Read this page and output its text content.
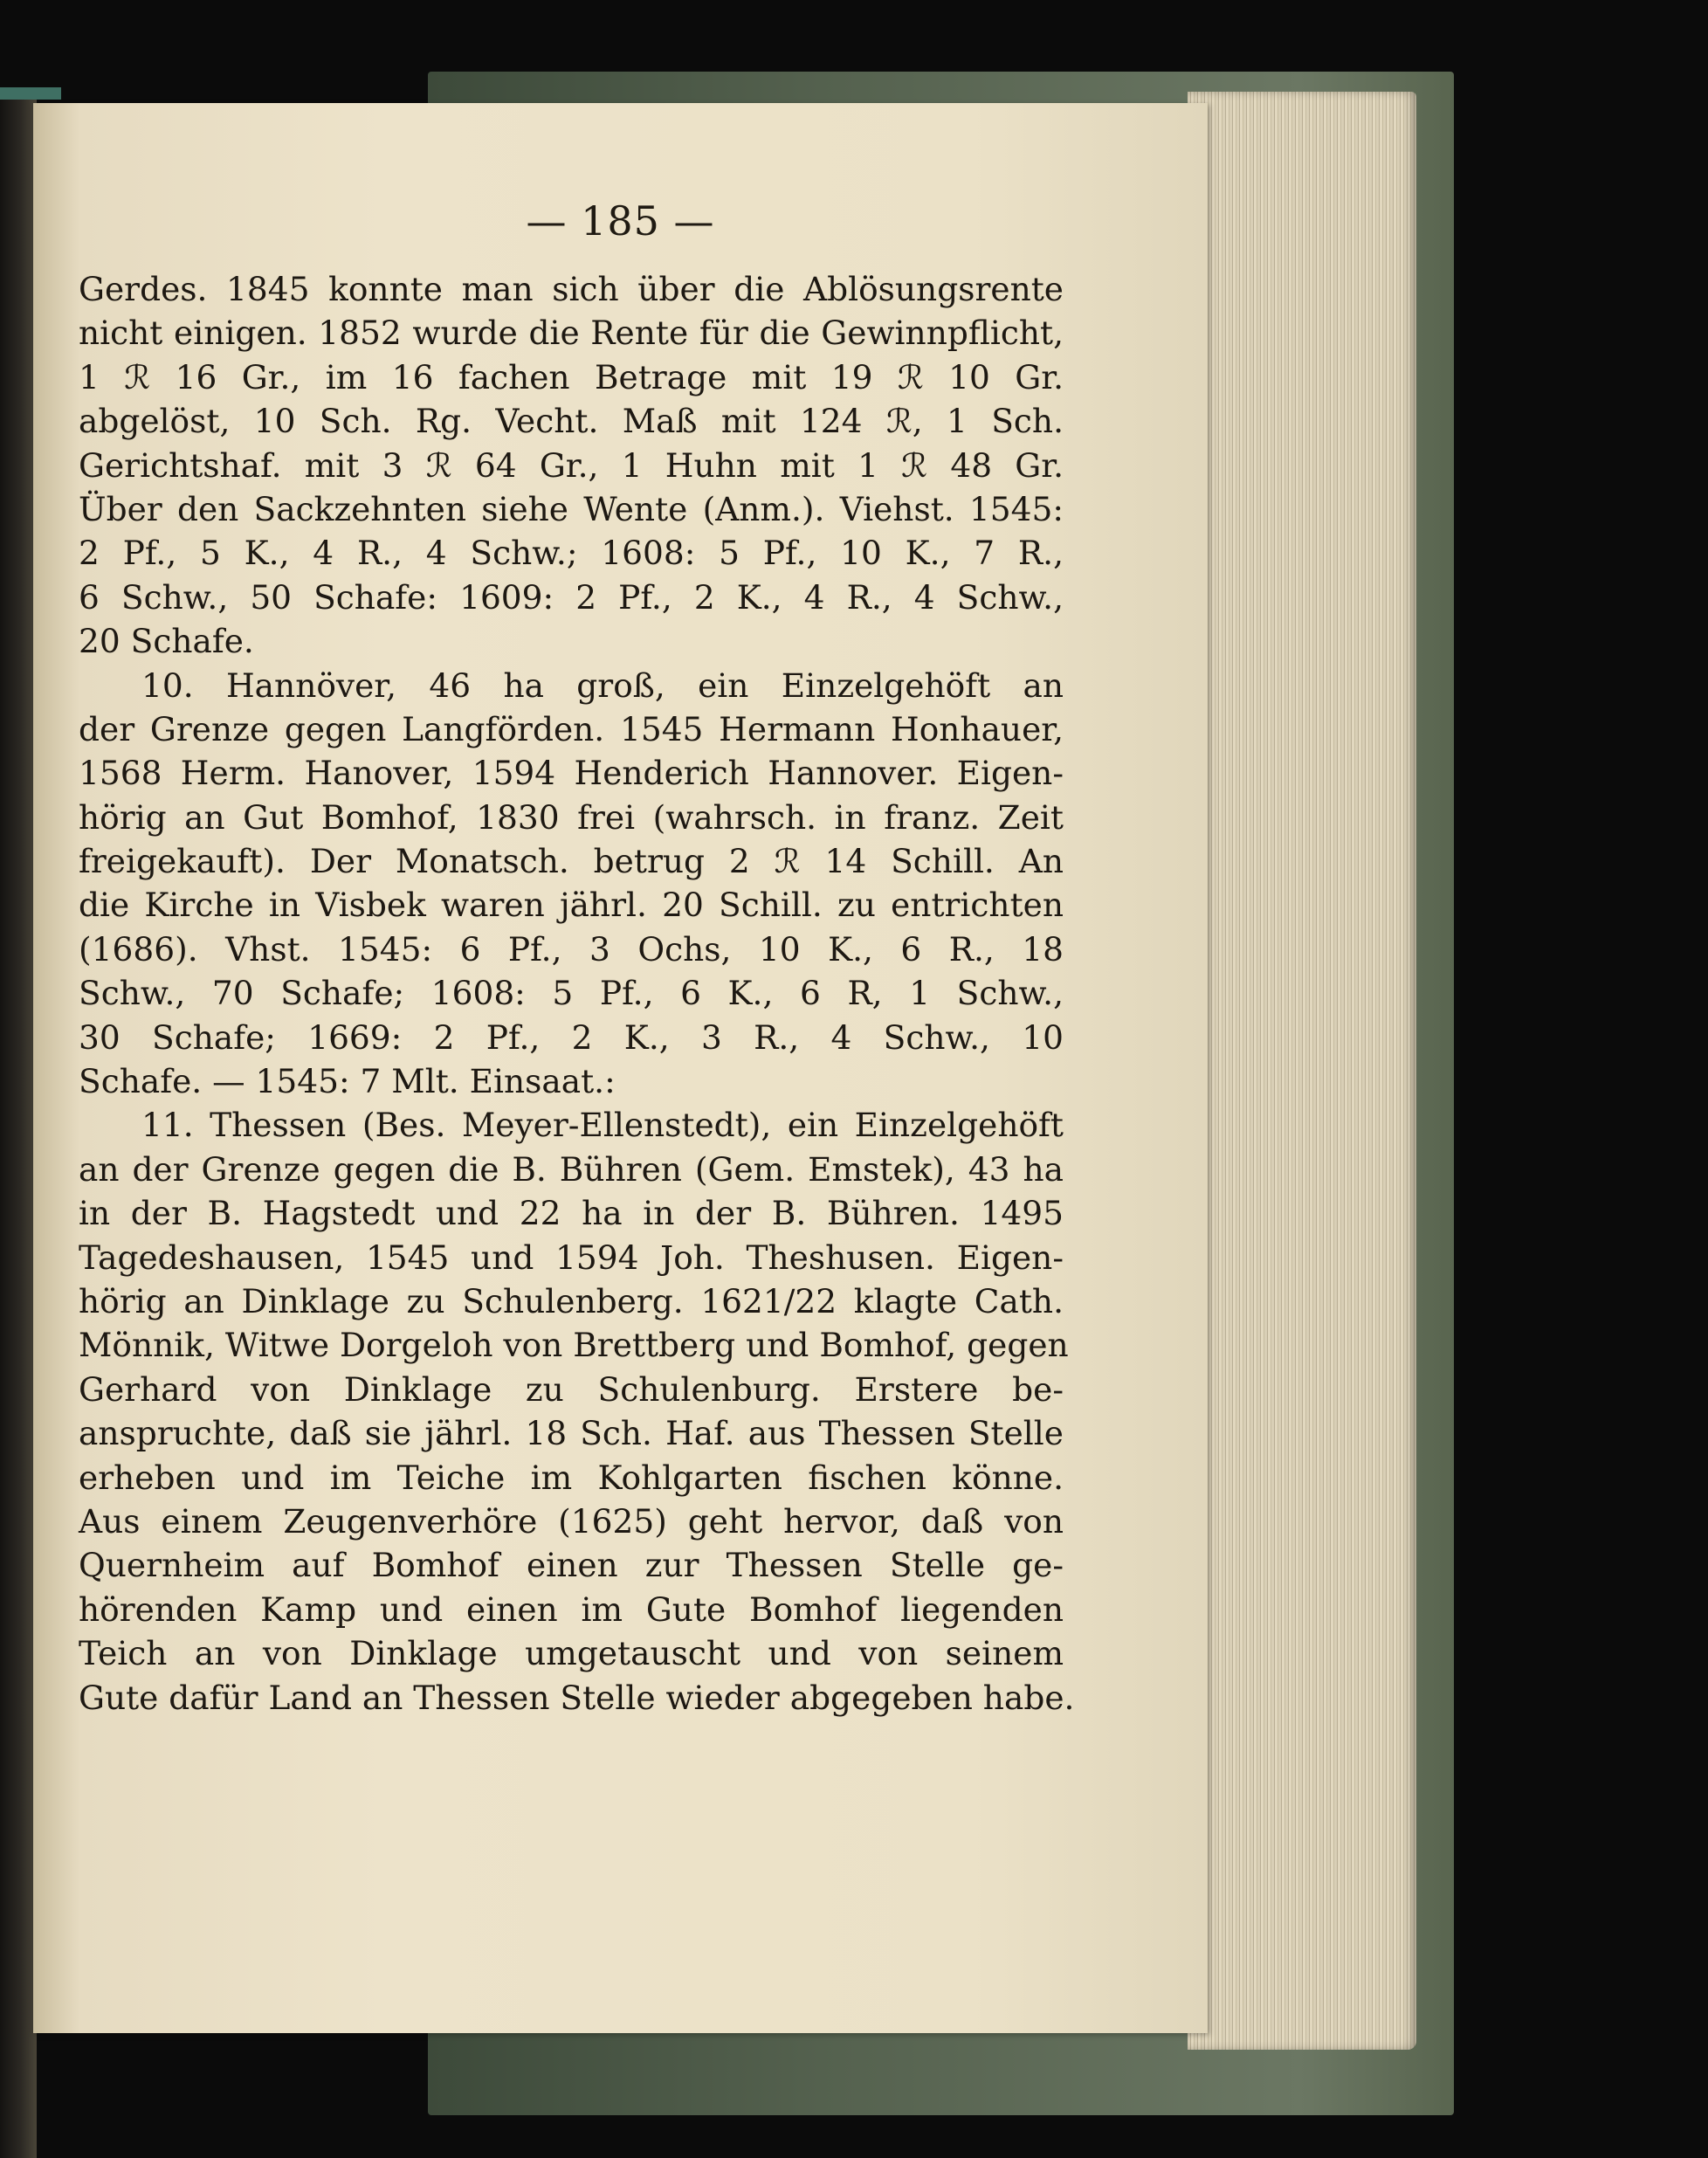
— 185 —
Gerdes. 1845 konnte man sich über die Ablösungsrente
nicht einigen. 1852 wurde die Rente für die Gewinnpflicht,
1 ℛ 16 Gr., im 16 fachen Betrage mit 19 ℛ 10 Gr.
abgelöst, 10 Sch. Rg. Vecht. Maß mit 124 ℛ, 1 Sch.
Gerichtshaf. mit 3 ℛ 64 Gr., 1 Huhn mit 1 ℛ 48 Gr.
Über den Sackzehnten siehe Wente (Anm.). Viehst. 1545:
2 Pf., 5 K., 4 R., 4 Schw.; 1608: 5 Pf., 10 K., 7 R.,
6 Schw., 50 Schafe: 1609: 2 Pf., 2 K., 4 R., 4 Schw.,
20 Schafe.
10. Hannöver, 46 ha groß, ein Einzelgehöft an
der Grenze gegen Langförden. 1545 Hermann Honhauer,
1568 Herm. Hanover, 1594 Henderich Hannover. Eigen-
hörig an Gut Bomhof, 1830 frei (wahrsch. in franz. Zeit
freigekauft). Der Monatsch. betrug 2 ℛ 14 Schill. An
die Kirche in Visbek waren jährl. 20 Schill. zu entrichten
(1686). Vhst. 1545: 6 Pf., 3 Ochs, 10 K., 6 R., 18
Schw., 70 Schafe; 1608: 5 Pf., 6 K., 6 R, 1 Schw.,
30 Schafe; 1669: 2 Pf., 2 K., 3 R., 4 Schw., 10
Schafe. — 1545: 7 Mlt. Einsaat.:
11. Thessen (Bes. Meyer-Ellenstedt), ein Einzelgehöft
an der Grenze gegen die B. Bühren (Gem. Emstek), 43 ha
in der B. Hagstedt und 22 ha in der B. Bühren. 1495
Tagedeshausen, 1545 und 1594 Joh. Theshusen. Eigen-
hörig an Dinklage zu Schulenberg. 1621/22 klagte Cath.
Mönnik, Witwe Dorgeloh von Brettberg und Bomhof, gegen
Gerhard von Dinklage zu Schulenburg. Erstere be-
anspruchte, daß sie jährl. 18 Sch. Haf. aus Thessen Stelle
erheben und im Teiche im Kohlgarten fischen könne.
Aus einem Zeugenverhöre (1625) geht hervor, daß von
Quernheim auf Bomhof einen zur Thessen Stelle ge-
hörenden Kamp und einen im Gute Bomhof liegenden
Teich an von Dinklage umgetauscht und von seinem
Gute dafür Land an Thessen Stelle wieder abgegeben habe.
